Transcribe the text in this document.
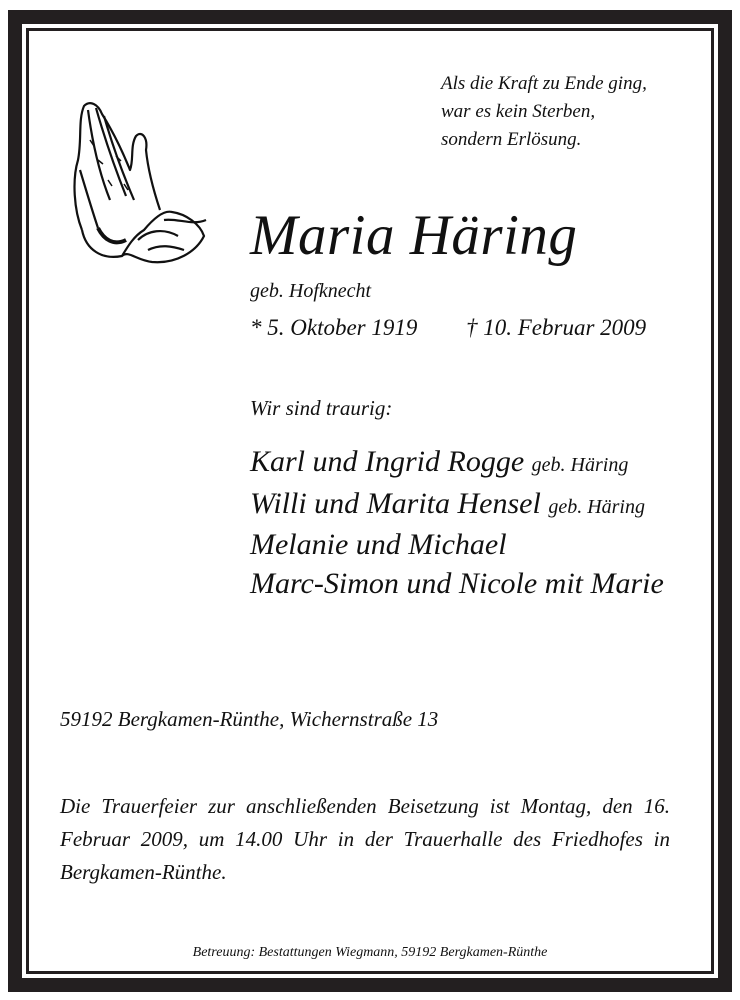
Als die Kraft zu Ende ging,
war es kein Sterben,
sondern Erlösung.
Maria Häring
geb. Hofknecht
* 5. Oktober 1919 † 10. Februar 2009
Wir sind traurig:
Karl und Ingrid Rogge geb. Häring
Willi und Marita Hensel geb. Häring
Melanie und Michael
Marc-Simon und Nicole mit Marie
59192 Bergkamen-Rünthe, Wichernstraße 13
Die Trauerfeier zur anschließenden Beisetzung ist Montag, den 16. Februar 2009, um 14.00 Uhr in der Trauerhalle des Friedhofes in Bergkamen-Rünthe.
Betreuung: Bestattungen Wiegmann, 59192 Bergkamen-Rünthe
